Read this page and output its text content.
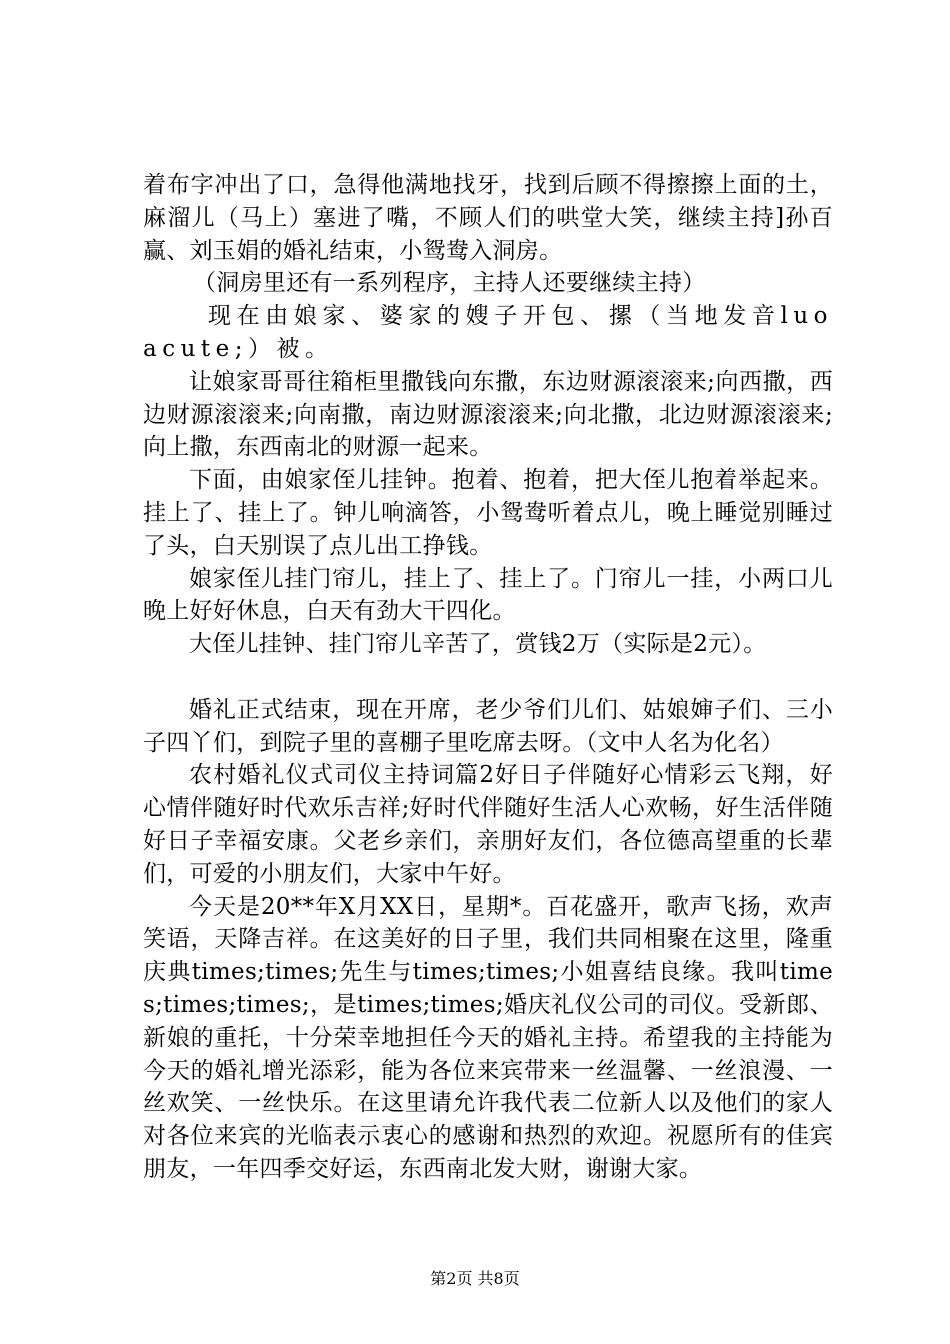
着布字冲出了口，急得他满地找牙，找到后顾不得擦擦上面的土，麻溜儿（马上）塞进了嘴，不顾人们的哄堂大笑，继续主持]孙百赢、刘玉娟的婚礼结束，小鸳鸯入洞房。

（洞房里还有一系列程序，主持人还要继续主持）

现在由娘家、婆家的嫂子开包、摞（当地发音luoacute;）被。

让娘家哥哥往箱柜里撒钱向东撒，东边财源滚滚来;向西撒，西边财源滚滚来;向南撒，南边财源滚滚来;向北撒，北边财源滚滚来;向上撒，东西南北的财源一起来。

下面，由娘家侄儿挂钟。抱着、抱着，把大侄儿抱着举起来。挂上了、挂上了。钟儿响滴答，小鸳鸯听着点儿，晚上睡觉别睡过了头，白天别误了点儿出工挣钱。

娘家侄儿挂门帘儿，挂上了、挂上了。门帘儿一挂，小两口儿晚上好好休息，白天有劲大干四化。

大侄儿挂钟、挂门帘儿辛苦了，赏钱2万（实际是2元）。

婚礼正式结束，现在开席，老少爷们儿们、姑娘婶子们、三小子四丫们，到院子里的喜棚子里吃席去呀。（文中人名为化名）

农村婚礼仪式司仪主持词篇2好日子伴随好心情彩云飞翔，好心情伴随好时代欢乐吉祥;好时代伴随好生活人心欢畅，好生活伴随好日子幸福安康。父老乡亲们，亲朋好友们，各位德高望重的长辈们，可爱的小朋友们，大家中午好。

今天是20**年X月XX日，星期*。百花盛开，歌声飞扬，欢声笑语，天降吉祥。在这美好的日子里，我们共同相聚在这里，隆重庆典times;times;先生与times;times;小姐喜结良缘。我叫times;times;times;，是times;times;婚庆礼仪公司的司仪。受新郎、新娘的重托，十分荣幸地担任今天的婚礼主持。希望我的主持能为今天的婚礼增光添彩，能为各位来宾带来一丝温馨、一丝浪漫、一丝欢笑、一丝快乐。在这里请允许我代表二位新人以及他们的家人对各位来宾的光临表示衷心的感谢和热烈的欢迎。祝愿所有的佳宾朋友，一年四季交好运，东西南北发大财，谢谢大家。

第2页 共8页
